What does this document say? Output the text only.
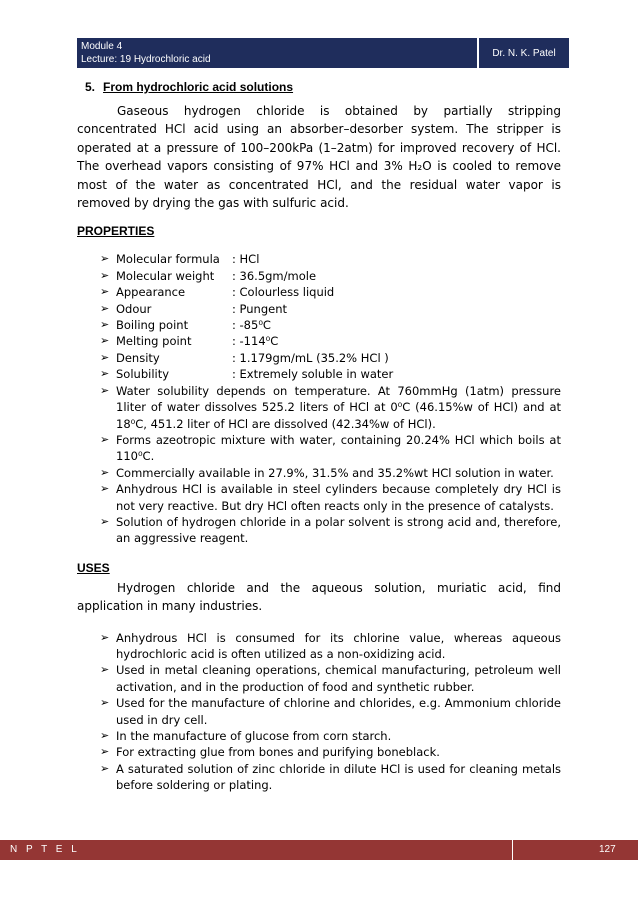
Module 4
Lecture: 19 Hydrochloric acid
Dr. N. K. Patel
5. From hydrochloric acid solutions

Gaseous hydrogen chloride is obtained by partially stripping concentrated HCl acid using an absorber–desorber system. The stripper is operated at a pressure of 100–200kPa (1–2atm) for improved recovery of HCl. The overhead vapors consisting of 97% HCl and 3% H₂O is cooled to remove most of the water as concentrated HCl, and the residual water vapor is removed by drying the gas with sulfuric acid.

PROPERTIES
➢ Molecular formula : HCl
➢ Molecular weight : 36.5gm/mole
➢ Appearance	: Colourless liquid
➢ Odour	: Pungent
➢ Boiling point	: -85⁰C
➢ Melting point	: -114⁰C
➢ Density	: 1.179gm/mL (35.2% HCl )
➢ Solubility	: Extremely soluble in water
➢ Water solubility depends on temperature. At 760mmHg (1atm) pressure 1liter of water dissolves 525.2 liters of HCl at 0⁰C (46.15%w of HCl) and at 18⁰C, 451.2 liter of HCl are dissolved (42.34%w of HCl).
➢ Forms azeotropic mixture with water, containing 20.24% HCl which boils at 110⁰C.
➢ Commercially available in 27.9%, 31.5% and 35.2%wt HCl solution in water.
➢ Anhydrous HCl is available in steel cylinders because completely dry HCl is not very reactive. But dry HCl often reacts only in the presence of catalysts.
➢ Solution of hydrogen chloride in a polar solvent is strong acid and, therefore, an aggressive reagent.
USES

Hydrogen chloride and the aqueous solution, muriatic acid, find application in many industries.

➢ Anhydrous HCl is consumed for its chlorine value, whereas aqueous hydrochloric acid is often utilized as a non-oxidizing acid.
➢ Used in metal cleaning operations, chemical manufacturing, petroleum well activation, and in the production of food and synthetic rubber.
➢ Used for the manufacture of chlorine and chlorides, e.g. Ammonium chloride used in dry cell.
➢ In the manufacture of glucose from corn starch.
➢ For extracting glue from bones and purifying boneblack.
➢ A saturated solution of zinc chloride in dilute HCl is used for cleaning metals before soldering or plating.
N P T E L	127
